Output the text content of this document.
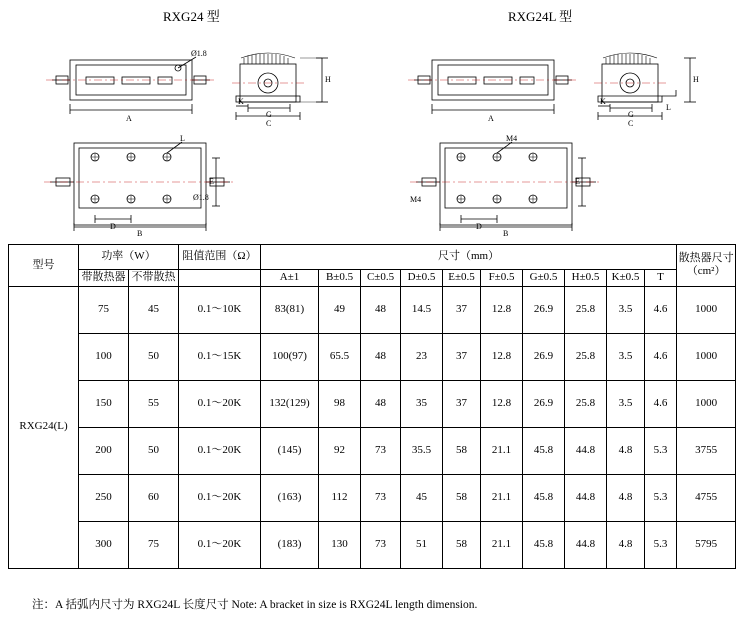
RXG24 型	RXG24L 型
Ø1.8
A
K
G
C
H
L
E
Ø1.8
D
B
A
L
K
G
C
H
M4
E
M4
D
B
型号	功率（W）		阻值范围（Ω）	尺寸（mm）										散热器尺寸（cm²）
	带散热器	不带散热		A±1	B±0.5	C±0.5	D±0.5	E±0.5	F±0.5	G±0.5	H±0.5	K±0.5	T	

RXG24(L)	75	45	0.1～10K	83(81)	49	48	14.5	37	12.8	26.9	25.8	3.5	4.6	1000
	100	50	0.1～15K	100(97)	65.5	48	23	37	12.8	26.9	25.8	3.5	4.6	1000
	150	55	0.1～20K	132(129)	98	48	35	37	12.8	26.9	25.8	3.5	4.6	1000
	200	50	0.1～20K	(145)	92	73	35.5	58	21.1	45.8	44.8	4.8	5.3	3755
	250	60	0.1～20K	(163)	112	73	45	58	21.1	45.8	44.8	4.8	5.3	4755
	300	75	0.1～20K	(183)	130	73	51	58	21.1	45.8	44.8	4.8	5.3	5795
注：A 括弧内尺寸为 RXG24L 长度尺寸 Note: A bracket in size is RXG24L length dimension.
